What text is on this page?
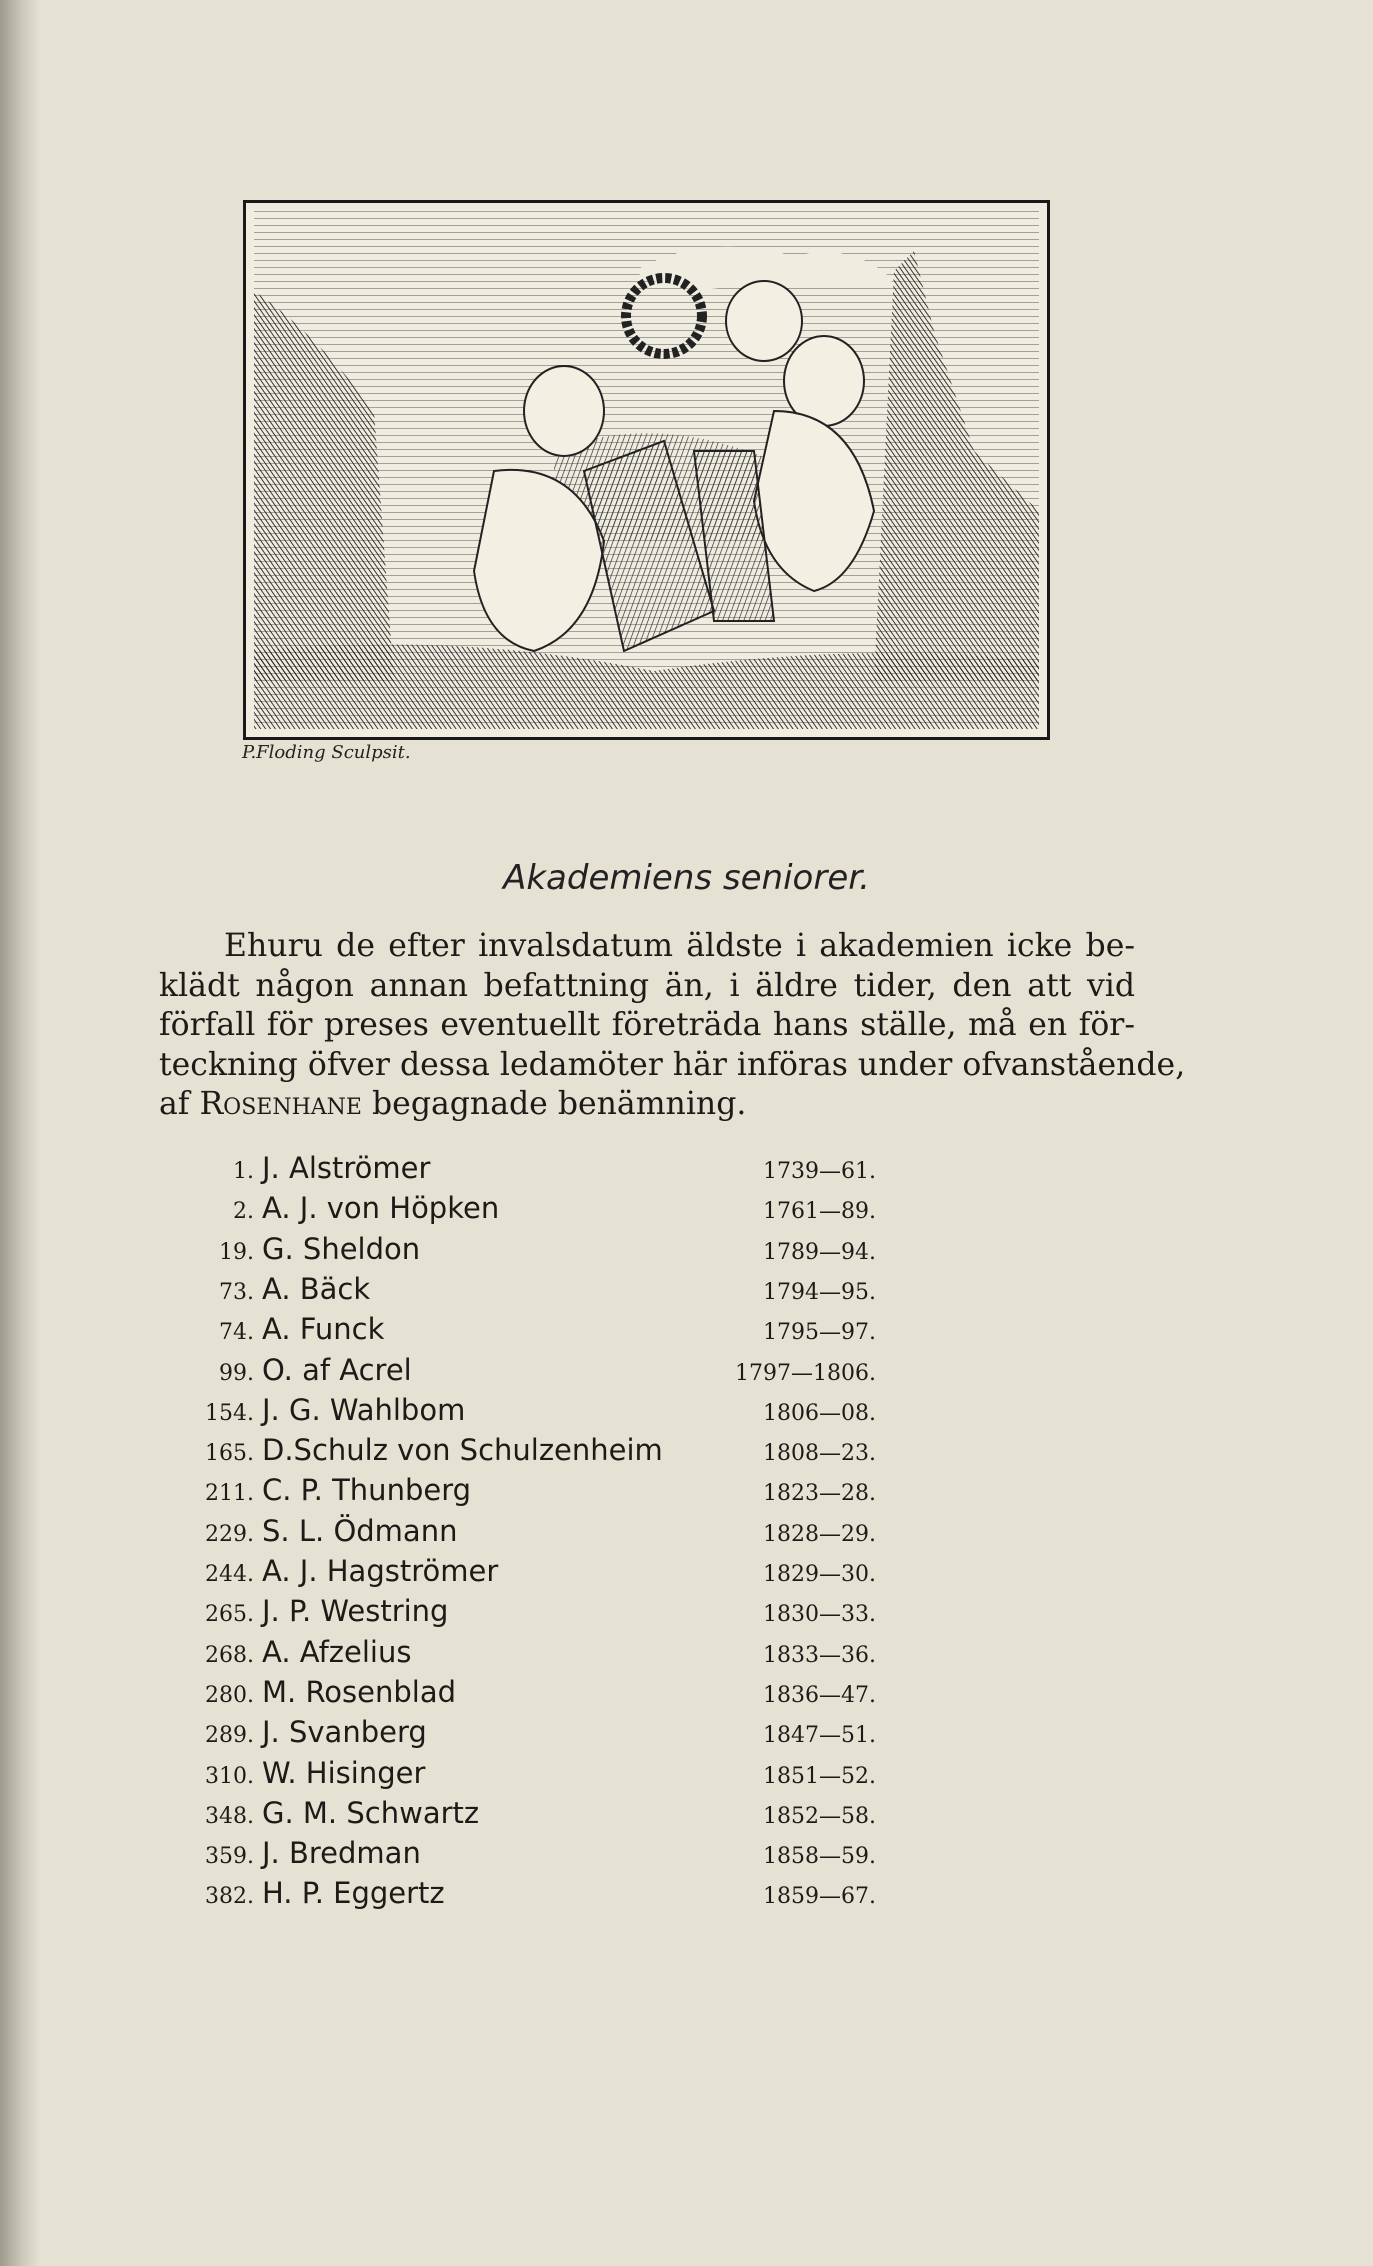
P.Floding Sculpsit.
Akademiens seniorer.
Ehuru de efter invalsdatum äldste i akademien icke be-
klädt någon annan befattning än, i äldre tider, den att vid
förfall för preses eventuellt företräda hans ställe, må en för-
teckning öfver dessa ledamöter här införas under ofvanstående,
af Rosenhane begagnade benämning.
1. J. Alströmer	1739—61.
2. A. J. von Höpken	1761—89.
19. G. Sheldon	1789—94.
73. A. Bäck	1794—95.
74. A. Funck	1795—97.
99. O. af Acrel	1797—1806.
154. J. G. Wahlbom	1806—08.
165. D.Schulz von Schulzenheim	1808—23.
211. C. P. Thunberg	1823—28.
229. S. L. Ödmann	1828—29.
244. A. J. Hagströmer	1829—30.
265. J. P. Westring	1830—33.
268. A. Afzelius	1833—36.
280. M. Rosenblad	1836—47.
289. J. Svanberg	1847—51.
310. W. Hisinger	1851—52.
348. G. M. Schwartz	1852—58.
359. J. Bredman	1858—59.
382. H. P. Eggertz	1859—67.
